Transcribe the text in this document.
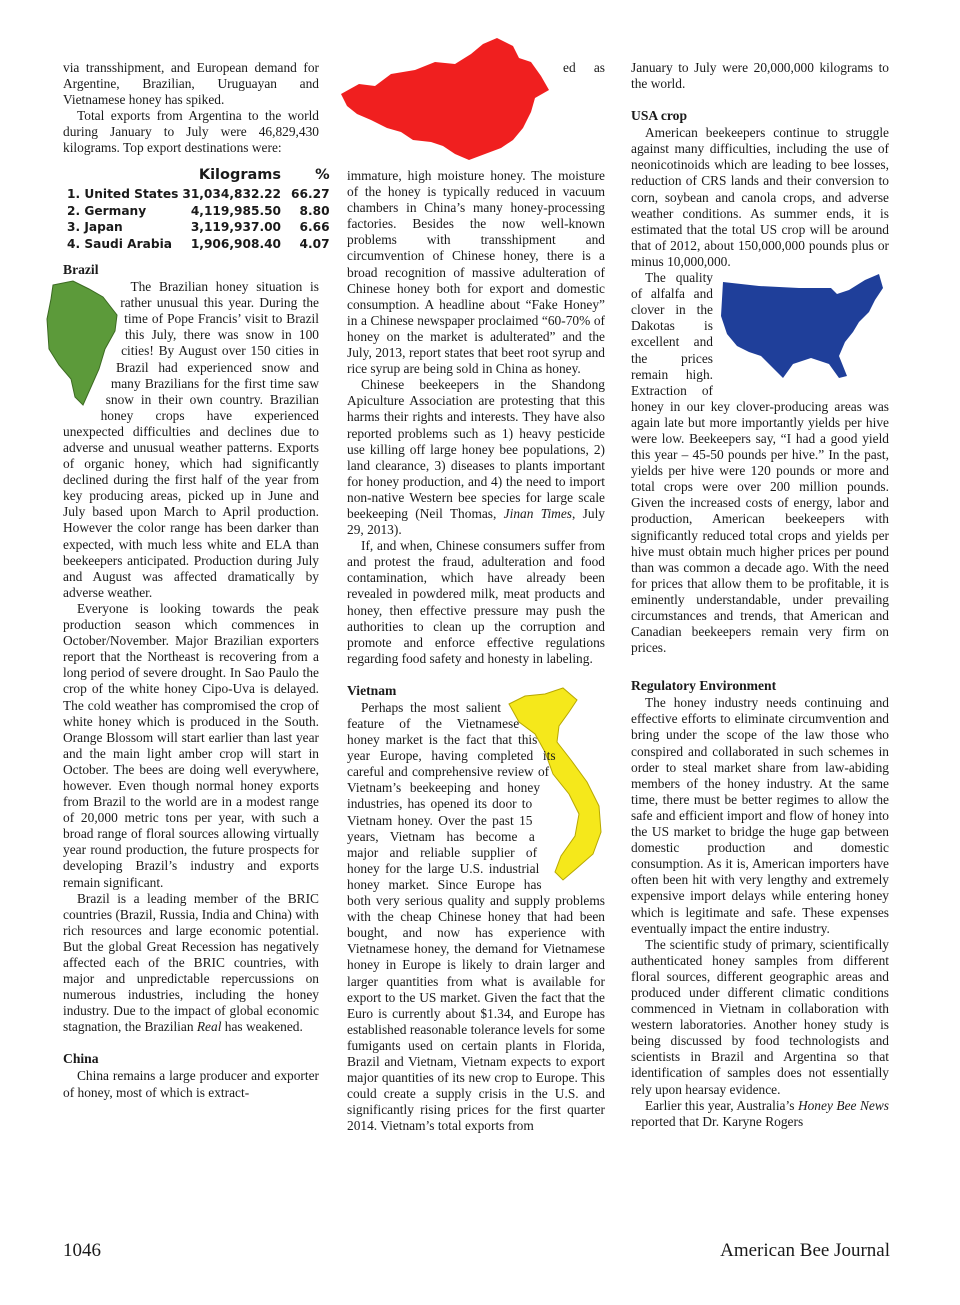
via transshipment, and European demand for Argentine, Brazilian, Uruguayan and Vietnamese honey has spiked.

Total exports from Argentina to the world during January to July were 46,829,430 kilograms. Top export destinations were:

	Kilograms	%
1. United States	31,034,832.22	66.27
2. Germany	4,119,985.50	8.80
3. Japan	3,119,937.00	6.66
4. Saudi Arabia	1,906,908.40	4.07
Brazil

The Brazilian honey situation is rather unusual this year. During the time of Pope Francis’ visit to Brazil this July, there was snow in 100 cities! By August over 150 cities in Brazil had experienced snow and many Brazilians for the first time saw snow in their own country. Brazilian honey crops have experienced unexpected difficulties and declines due to adverse and unusual weather patterns. Exports of organic honey, which had significantly declined during the first half of the year from key producing areas, picked up in June and July based upon March to April production. However the color range has been darker than expected, with much less white and ELA than beekeepers anticipated. Production during July and August was affected dramatically by adverse weather.

Everyone is looking towards the peak production season which commences in October/November. Major Brazilian exporters report that the Northeast is recovering from a long period of severe drought. In Sao Paulo the crop of the white honey Cipo-Uva is delayed. The cold weather has compromised the crop of white honey which is produced in the South. Orange Blossom will start earlier than last year and the main light amber crop will start in October. The bees are doing well everywhere, however. Even though normal honey exports from Brazil to the world are in a modest range of 20,000 metric tons per year, with such a broad range of floral sources allowing virtually year round production, the future prospects for developing Brazil’s industry and exports remain significant.

Brazil is a leading member of the BRIC countries (Brazil, Russia, India and China) with rich resources and large economic potential. But the global Great Recession has negatively affected each of the BRIC countries, with major and unpredictable repercussions on numerous industries, including the honey industry. Due to the impact of global economic stagnation, the Brazilian Real has weakened.

China

China remains a large producer and exporter of honey, most of which is extract-

ed as immature, high moisture honey. The moisture of the honey is typically reduced in vacuum chambers in China’s many honey-processing factories. Besides the now well-known problems with transshipment and circumvention of Chinese honey, there is a broad recognition of massive adulteration of Chinese honey both for export and domestic consumption. A headline about “Fake Honey” in a Chinese newspaper proclaimed “60-70% of honey on the market is adulterated” and the July, 2013, report states that beet root syrup and rice syrup are being sold in China as honey.

Chinese beekeepers in the Shandong Apiculture Association are protesting that this harms their rights and interests. They have also reported problems such as 1) heavy pesticide use killing off large honey bee populations, 2) land clearance, 3) diseases to plants important for honey production, and 4) the need to import non-native Western bee species for large scale beekeeping (Neil Thomas, Jinan Times, July 29, 2013).

If, and when, Chinese consumers suffer from and protest the fraud, adulteration and food contamination, which have already been revealed in powdered milk, meat products and honey, then effective pressure may push the authorities to clean up the corruption and promote and enforce effective regulations regarding food safety and honesty in labeling.

Vietnam

Perhaps the most salient feature of the Vietnamese honey market is the fact that this year Europe, having completed its careful and comprehensive review of Vietnam’s beekeeping and honey industries, has opened its door to Vietnam honey. Over the past 15 years, Vietnam has become a major and reliable supplier of honey for the large U.S. industrial honey market. Since Europe has both very serious quality and supply problems with the cheap Chinese honey that had been bought, and now has experience with Vietnamese honey, the demand for Vietnamese honey in Europe is likely to drain larger and larger quantities from what is available for export to the US market. Given the fact that the Euro is currently about $1.34, and Europe has established reasonable tolerance levels for some fumigants used on certain plants in Florida, Brazil and Vietnam, Vietnam expects to export major quantities of its new crop to Europe. This could create a supply crisis in the U.S. and significantly rising prices for the first quarter 2014. Vietnam’s total exports from

January to July were 20,000,000 kilograms to the world.

USA crop

American beekeepers continue to struggle against many difficulties, including the use of neonicotinoids which are leading to bee losses, reduction of CRS lands and their conversion to corn, soybean and canola crops, and adverse weather conditions. As summer ends, it is estimated that the total US crop will be around that of 2012, about 150,000,000 pounds plus or minus 10,000,000.

The quality of alfalfa and clover in the Dakotas is excellent and the prices remain high. Extraction of honey in our key clover-producing areas was again late but more importantly yields per hive were low. Beekeepers say, “I had a good yield this year – 45-50 pounds per hive.” In the past, yields per hive were 120 pounds or more and total crops were over 200 million pounds. Given the increased costs of energy, labor and production, American beekeepers with significantly reduced total crops and yields per hive must obtain much higher prices per pound than was common a decade ago. With the need for prices that allow them to be profitable, it is eminently understandable, under prevailing circumstances and trends, that American and Canadian beekeepers remain very firm on prices.

Regulatory Environment

The honey industry needs continuing and effective efforts to eliminate circumvention and bring under the scope of the law those who conspired and collaborated in such schemes in order to steal market share from law-abiding members of the honey industry. At the same time, there must be better regimes to allow the safe and efficient import and flow of honey into the US market to bridge the huge gap between domestic production and domestic consumption. As it is, American importers have often been hit with very lengthy and extremely expensive import delays while entering honey which is legitimate and safe. These expenses eventually impact the entire industry.

The scientific study of primary, scientifically authenticated honey samples from different floral sources, different geographic areas and produced under different climatic conditions commenced in Vietnam in collaboration with western laboratories. Another honey study is being discussed by food technologists and scientists in Brazil and Argentina so that identification of samples does not essentially rely upon hearsay evidence.

Earlier this year, Australia’s Honey Bee News reported that Dr. Karyne Rogers

1046	American Bee Journal
